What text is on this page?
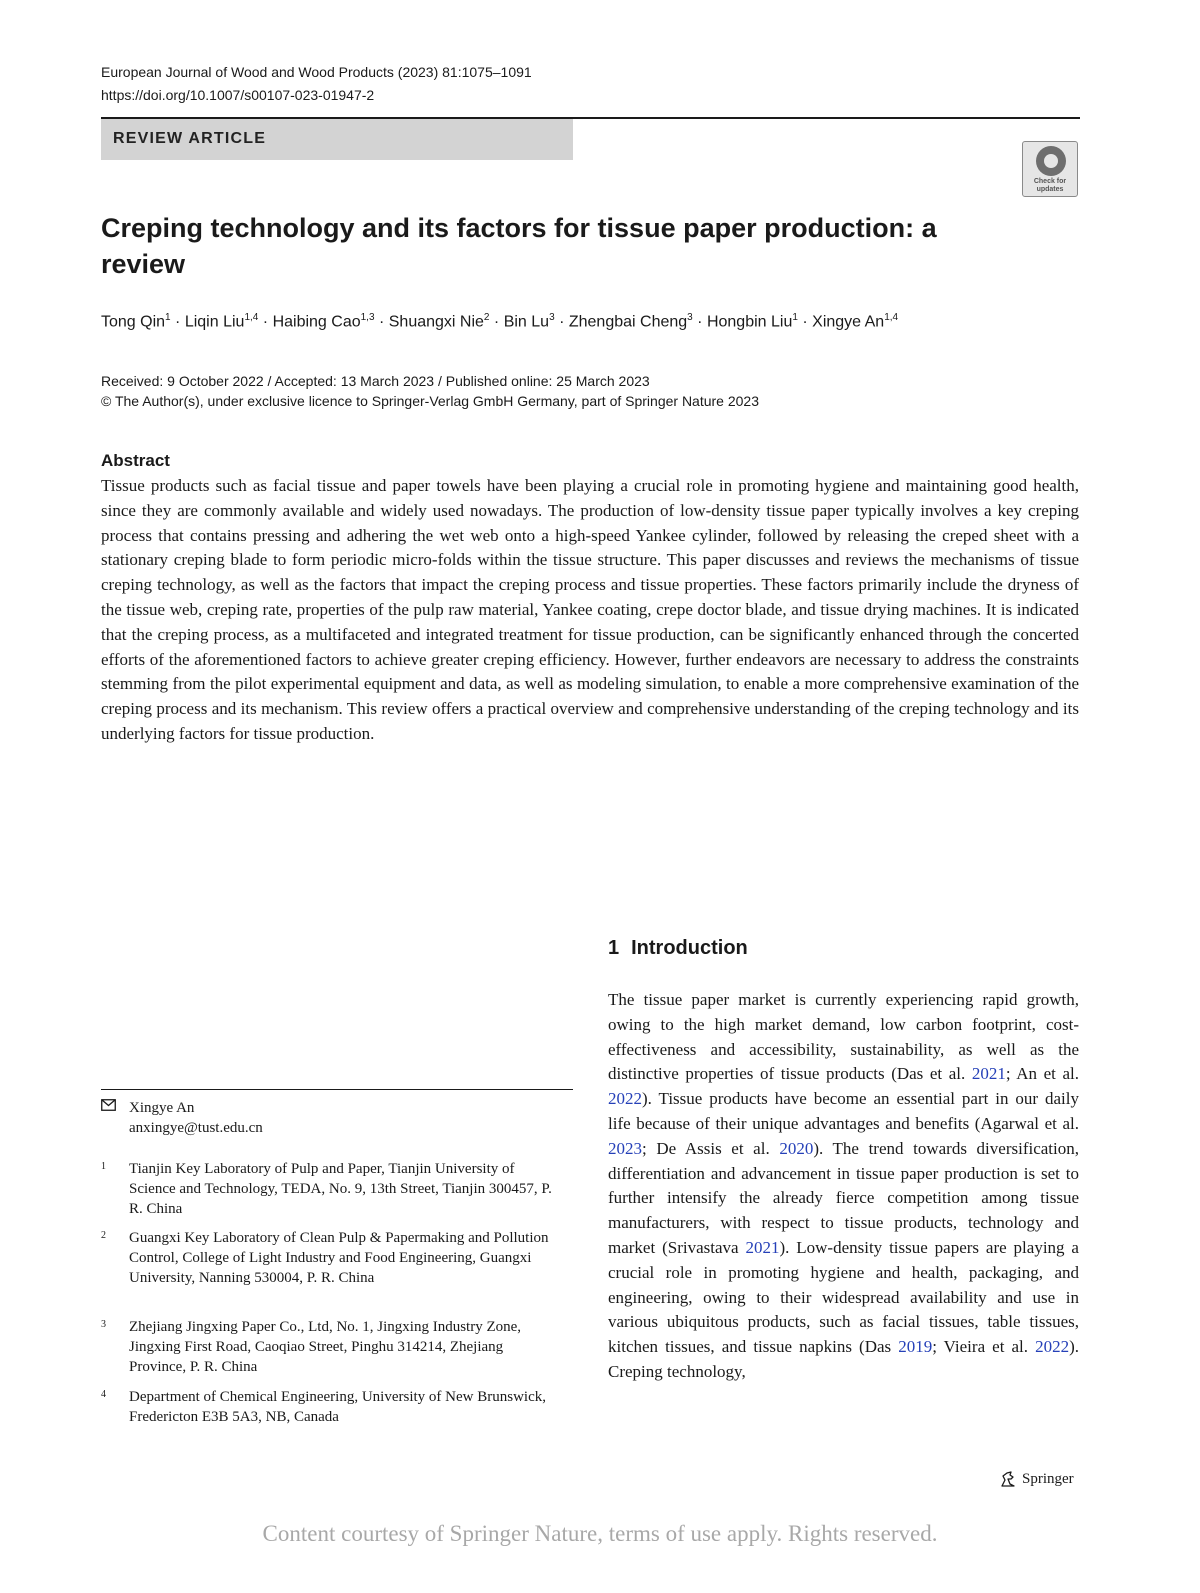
European Journal of Wood and Wood Products (2023) 81:1075–1091
https://doi.org/10.1007/s00107-023-01947-2
REVIEW ARTICLE
Check for updates
Creping technology and its factors for tissue paper production: a review
Tong Qin$^1$ · Liqin Liu$^{1,4}$ · Haibing Cao$^{1,3}$ · Shuangxi Nie$^2$ · Bin $Lu^3$ · Zhengbai Cheng$^3$ · Hongbin Liu$^1$ · Xingye An$^{1,4}$
Received: 9 October 2022 / Accepted: 13 March 2023 / Published online: 25 March 2023
© The Author(s), under exclusive licence to Springer-Verlag GmbH Germany, part of Springer Nature 2023
Abstract

Tissue products such as facial tissue and paper towels have been playing a crucial role in promoting hygiene and maintaining good health, since they are commonly available and widely used nowadays. The production of low-density tissue paper typically involves a key creping process that contains pressing and adhering the wet web onto a high-speed Yankee cylinder, followed by releasing the creped sheet with a stationary creping blade to form periodic micro-folds within the tissue structure. This paper discusses and reviews the mechanisms of tissue creping technology, as well as the factors that impact the creping process and tissue properties. These factors primarily include the dryness of the tissue web, creping rate, properties of the pulp raw material, Yankee coating, crepe doctor blade, and tissue drying machines. It is indicated that the creping process, as a multifaceted and integrated treatment for tissue production, can be significantly enhanced through the concerted efforts of the aforementioned factors to achieve greater creping efficiency. However, further endeavors are necessary to address the constraints stemming from the pilot experimental equipment and data, as well as modeling simulation, to enable a more comprehensive examination of the creping process and its mechanism. This review offers a practical overview and comprehensive understanding of the creping technology and its underlying factors for tissue production.

1 Introduction

The tissue paper market is currently experiencing rapid growth, owing to the high market demand, low carbon footprint, cost-effectiveness and accessibility, sustainability, as well as the distinctive properties of tissue products (Das et al. 2021; An et al. 2022). Tissue products have become an essential part in our daily life because of their unique advantages and benefits (Agarwal et al. 2023; De Assis et al. 2020). The trend towards diversification, differentiation and advancement in tissue paper production is set to further intensify the already fierce competition among tissue manufacturers, with respect to tissue products, technology and market (Srivastava 2021). Low-density tissue papers are playing a crucial role in promoting hygiene and health, packaging, and engineering, owing to their widespread availability and use in various ubiquitous products, such as facial tissues, table tissues, kitchen tissues, and tissue napkins (Das 2019; Vieira et al. 2022). Creping technology,

Xingye An
anxingye@tust.edu.cn
1 Tianjin Key Laboratory of Pulp and Paper, Tianjin University of Science and Technology, TEDA, No. 9, 13th Street, Tianjin 300457, P. R. China

2 Guangxi Key Laboratory of Clean Pulp & Papermaking and Pollution Control, College of Light Industry and Food Engineering, Guangxi University, Nanning 530004, P. R. China

3 Zhejiang Jingxing Paper Co., Ltd, No. 1, Jingxing Industry Zone, Jingxing First Road, Caoqiao Street, Pinghu 314214, Zhejiang Province, P. R. China

4 Department of Chemical Engineering, University of New Brunswick, Fredericton E3B 5A3, NB, Canada

Springer
Content courtesy of Springer Nature, terms of use apply. Rights reserved.
